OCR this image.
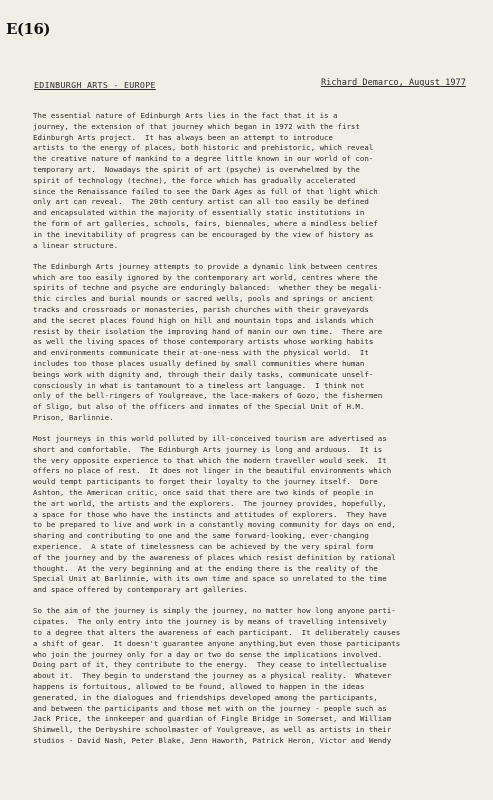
E(16)
EDINBURGH ARTS - EUROPE	Richard Demarco, August 1977

The essential nature of Edinburgh Arts lies in the fact that it is a
journey, the extension of that journey which began in 1972 with the first
Edinburgh Arts project.  It has always been an attempt to introduce
artists to the energy of places, both historic and prehistoric, which reveal
the creative nature of mankind to a degree little known in our world of con-
temporary art.  Nowadays the spirit of art (psyche) is overwhelmed by the
spirit of technology (techne), the force which has gradually accelerated
since the Renaissance failed to see the Dark Ages as full of that light which
only art can reveal.  The 20th century artist can all too easily be defined
and encapsulated within the majority of essentially static institutions in
the form of art galleries, schools, fairs, biennales, where a mindless belief
in the inevitability of progress can be encouraged by the view of history as
a linear structure.

The Edinburgh Arts journey attempts to provide a dynamic link between centres
which are too easily ignored by the contemporary art world, centres where the
spirits of techne and psyche are enduringly balanced:  whether they be megali-
thic circles and burial mounds or sacred wells, pools and springs or ancient
tracks and crossroads or monasteries, parish churches with their graveyards
and the secret places found high on hill and mountain tops and islands which
resist by their isolation the improving hand of manin our own time.  There are
as well the living spaces of those contemporary artists whose working habits
and environments communicate their at-one-ness with the physical world.  It
includes too those places usually defined by small communities where human
beings work with dignity and, through their daily tasks, communicate unself-
consciously in what is tantamount to a timeless art language.  I think not
only of the bell-ringers of Youlgreave, the lace-makers of Gozo, the fishermen
of Sligo, but also of the officers and inmates of the Special Unit of H.M.
Prison, Barlinnie.

Most journeys in this world polluted by ill-conceived tourism are advertised as
short and comfortable.  The Edinburgh Arts journey is long and arduous.  It is
the very opposite experience to that which the modern traveller would seek.  It
offers no place of rest.  It does not linger in the beautiful environments which
would tempt participants to forget their loyalty to the journey itself.  Dore
Ashton, the American critic, once said that there are two kinds of people in
the art world, the artists and the explorers.  The journey provides, hopefully,
a space for those who have the instincts and attitudes of explorers.  They have
to be prepared to live and work in a constantly moving community for days on end,
sharing and contributing to one and the same forward-looking, ever-changing
experience.  A state of timelessness can be achieved by the very spiral form
of the journey and by the awareness of places which resist definition by rational
thought.  At the very beginning and at the ending there is the reality of the
Special Unit at Barlinnie, with its own time and space so unrelated to the time
and space offered by contemporary art galleries.

So the aim of the journey is simply the journey, no matter how long anyone parti-
cipates.  The only entry into the journey is by means of travelling intensively
to a degree that alters the awareness of each participant.  It deliberately causes
a shift of gear.  It doesn't guarantee anyone anything,but even those participants
who join the journey only for a day or two do sense the implications involved.
Doing part of it, they contribute to the energy.  They cease to intellectualise
about it.  They begin to understand the journey as a physical reality.  Whatever
happens is fortuitous, allowed to be found, allowed to happen in the ideas
generated, in the dialogues and friendships developed among the participants,
and between the participants and those met with on the journey - people such as
Jack Price, the innkeeper and guardian of Fingle Bridge in Somerset, and William
Shimwell, the Derbyshire schoolmaster of Youlgreave, as well as artists in their
studios - David Nash, Peter Blake, Jenn Haworth, Patrick Heron, Victor and Wendy
